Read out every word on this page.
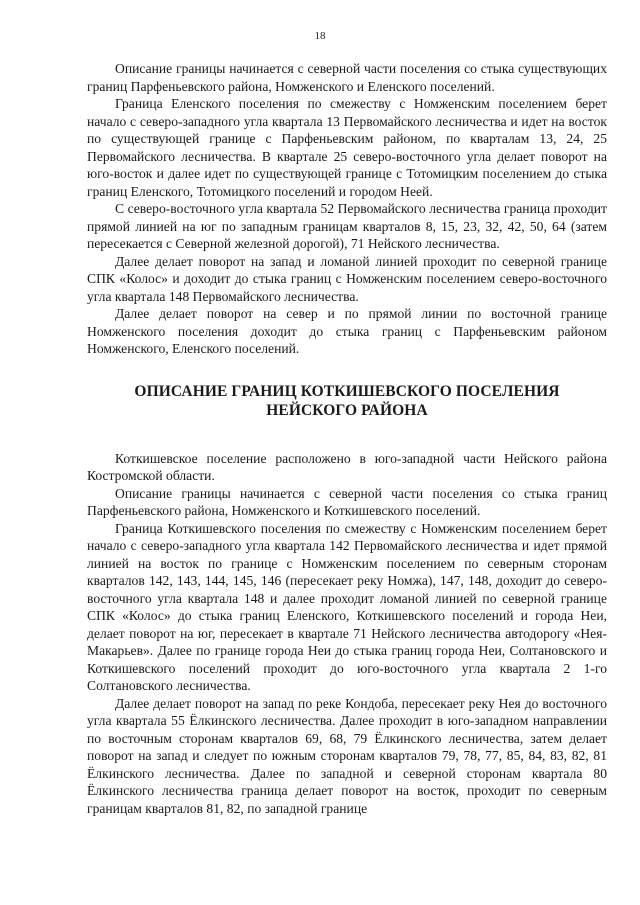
18

Описание границы начинается с северной части поселения со стыка существующих границ Парфеньевского района, Номженского и Еленского поселений.

Граница Еленского поселения по смежеству с Номженским поселением берет начало с северо-западного угла квартала 13 Первомайского лесничества и идет на восток по существующей границе с Парфеньевским районом, по кварталам 13, 24, 25 Первомайского лесничества. В квартале 25 северо-восточного угла делает поворот на юго-восток и далее идет по существующей границе с Тотомицким поселением до стыка границ Еленского, Тотомицкого поселений и городом Неей.

С северо-восточного угла квартала 52 Первомайского лесничества граница проходит прямой линией на юг по западным границам кварталов 8, 15, 23, 32, 42, 50, 64 (затем пересекается с Северной железной дорогой), 71 Нейского лесничества.

Далее делает поворот на запад и ломаной линией проходит по северной границе СПК «Колос» и доходит до стыка границ с Номженским поселением северо-восточного угла квартала 148 Первомайского лесничества.

Далее делает поворот на север и по прямой линии по восточной границе Номженского поселения доходит до стыка границ с Парфеньевским районом Номженского, Еленского поселений.

ОПИСАНИЕ ГРАНИЦ КОТКИШЕВСКОГО ПОСЕЛЕНИЯ
НЕЙСКОГО РАЙОНА

Коткишевское поселение расположено в юго-западной части Нейского района Костромской области.

Описание границы начинается с северной части поселения со стыка границ Парфеньевского района, Номженского и Коткишевского поселений.

Граница Коткишевского поселения по смежеству с Номженским поселением берет начало с северо-западного угла квартала 142 Первомайского лесничества и идет прямой линией на восток по границе с Номженским поселением по северным сторонам кварталов 142, 143, 144, 145, 146 (пересекает реку Номжа), 147, 148, доходит до северо-восточного угла квартала 148 и далее проходит ломаной линией по северной границе СПК «Колос» до стыка границ Еленского, Коткишевского поселений и города Неи, делает поворот на юг, пересекает в квартале 71 Нейского лесничества автодорогу «Нея-Макарьев». Далее по границе города Неи до стыка границ города Неи, Солтановского и Коткишевского поселений проходит до юго-восточного угла квартала 2 1-го Солтановского лесничества.

Далее делает поворот на запад по реке Кондоба, пересекает реку Нея до восточного угла квартала 55 Ёлкинского лесничества. Далее проходит в юго-западном направлении по восточным сторонам кварталов 69, 68, 79 Ёлкинского лесничества, затем делает поворот на запад и следует по южным сторонам кварталов 79, 78, 77, 85, 84, 83, 82, 81 Ёлкинского лесничества. Далее по западной и северной сторонам квартала 80 Ёлкинского лесничества граница делает поворот на восток, проходит по северным границам кварталов 81, 82, по западной границе
